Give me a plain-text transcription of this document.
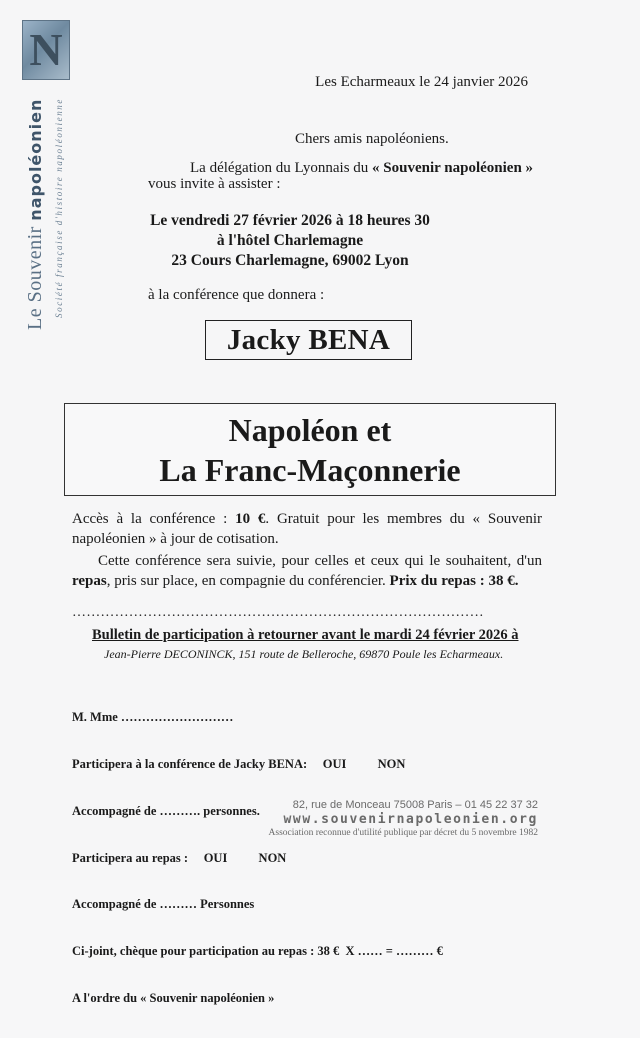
N
Le Souvenir napoléonien Société française d'histoire napoléonienne
Les Echarmeaux le 24 janvier 2026
Chers amis napoléoniens.
La délégation du Lyonnais du « Souvenir napoléonien »
vous invite à assister :
Le vendredi 27 février 2026 à 18 heures 30
à l'hôtel Charlemagne
23 Cours Charlemagne, 69002 Lyon
à la conférence que donnera :
Jacky BENA
Napoléon et
La Franc-Maçonnerie
Accès à la conférence : 10 €. Gratuit pour les membres du « Souvenir napoléonien » à jour de cotisation.
Cette conférence sera suivie, pour celles et ceux qui le souhaitent, d'un repas, pris sur place, en compagnie du conférencier. Prix du repas : 38 €.
……………………………………………………………………………
Bulletin de participation à retourner avant le mardi 24 février 2026 à
Jean-Pierre DECONINCK, 151 route de Belleroche, 69870 Poule les Echarmeaux.

M. Mme ………………………

Participera à la conférence de Jacky BENA:     OUI          NON

Accompagné de ………. personnes.

Participera au repas :     OUI          NON

Accompagné de ……… Personnes

Ci-joint, chèque pour participation au repas : 38 €  X …… = ……… €

A l'ordre du « Souvenir napoléonien »

82, rue de Monceau 75008 Paris – 01 45 22 37 32
www.souvenirnapoleonien.org
Association reconnue d'utilité publique par décret du 5 novembre 1982
